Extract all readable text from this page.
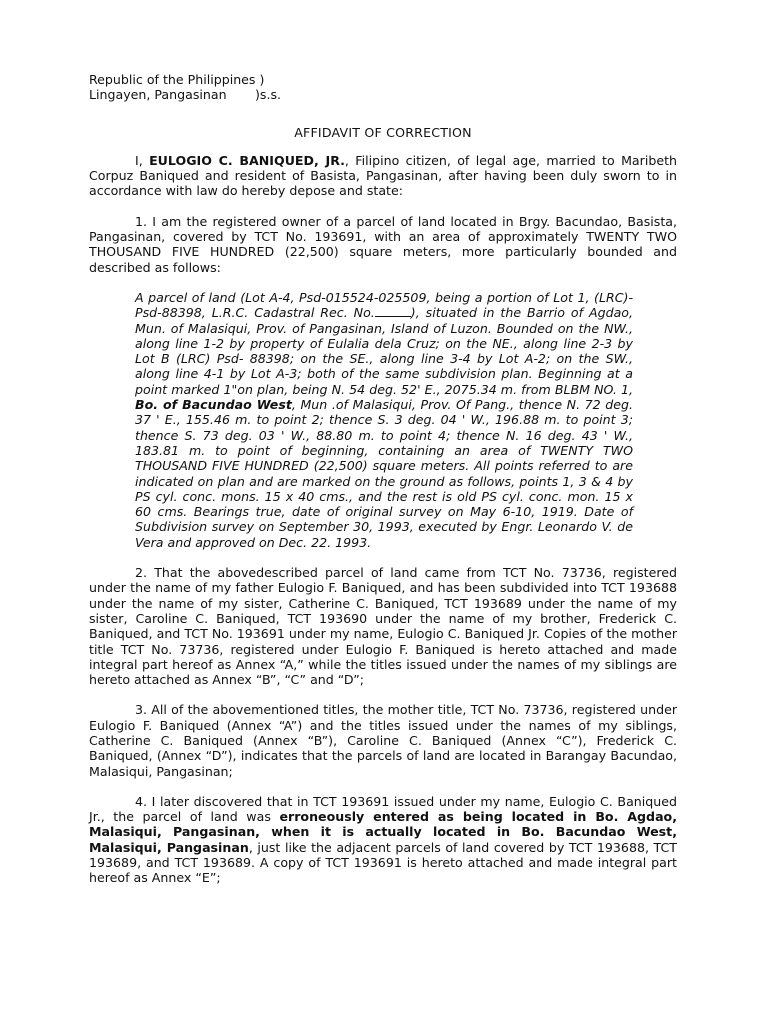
Republic of the Philippines )
Lingayen, Pangasinan )s.s.
AFFIDAVIT OF CORRECTION

I, EULOGIO C. BANIQUED, JR., Filipino citizen, of legal age, married to Maribeth Corpuz Baniqued and resident of Basista, Pangasinan, after having been duly sworn to in accordance with law do hereby depose and state:

1. I am the registered owner of a parcel of land located in Brgy. Bacundao, Basista, Pangasinan, covered by TCT No. 193691, with an area of approximately TWENTY TWO THOUSAND FIVE HUNDRED (22,500) square meters, more particularly bounded and described as follows:

A parcel of land (Lot A-4, Psd-015524-025509, being a portion of Lot 1, (LRC)-Psd-88398, L.R.C. Cadastral Rec. No.	), situated in the Barrio of Agdao, Mun. of Malasiqui, Prov. of Pangasinan, Island of Luzon. Bounded on the NW., along line 1-2 by property of Eulalia dela Cruz; on the NE., along line 2-3 by Lot B (LRC) Psd- 88398; on the SE., along line 3-4 by Lot A-2; on the SW., along line 4-1 by Lot A-3; both of the same subdivision plan. Beginning at a point marked 1"on plan, being N. 54 deg. 52' E., 2075.34 m. from BLBM NO. 1, Bo. of Bacundao West, Mun .of Malasiqui, Prov. Of Pang., thence N. 72 deg. 37 ' E., 155.46 m. to point 2; thence S. 3 deg. 04 ' W., 196.88 m. to point 3; thence S. 73 deg. 03 ' W., 88.80 m. to point 4; thence N. 16 deg. 43 ' W., 183.81 m. to point of beginning, containing an area of TWENTY TWO THOUSAND FIVE HUNDRED (22,500) square meters. All points referred to are indicated on plan and are marked on the ground as follows, points 1, 3 & 4 by PS cyl. conc. mons. 15 x 40 cms., and the rest is old PS cyl. conc. mon. 15 x 60 cms. Bearings true, date of original survey on May 6-10, 1919. Date of Subdivision survey on September 30, 1993, executed by Engr. Leonardo V. de Vera and approved on Dec. 22. 1993.

2. That the abovedescribed parcel of land came from TCT No. 73736, registered under the name of my father Eulogio F. Baniqued, and has been subdivided into TCT 193688 under the name of my sister, Catherine C. Baniqued, TCT 193689 under the name of my sister, Caroline C. Baniqued, TCT 193690 under the name of my brother, Frederick C. Baniqued, and TCT No. 193691 under my name, Eulogio C. Baniqued Jr. Copies of the mother title TCT No. 73736, registered under Eulogio F. Baniqued is hereto attached and made integral part hereof as Annex “A,” while the titles issued under the names of my siblings are hereto attached as Annex “B”, “C” and “D”;

3. All of the abovementioned titles, the mother title, TCT No. 73736, registered under Eulogio F. Baniqued (Annex “A”) and the titles issued under the names of my siblings, Catherine C. Baniqued (Annex “B”), Caroline C. Baniqued (Annex “C”), Frederick C. Baniqued, (Annex “D”), indicates that the parcels of land are located in Barangay Bacundao, Malasiqui, Pangasinan;

4. I later discovered that in TCT 193691 issued under my name, Eulogio C. Baniqued Jr., the parcel of land was erroneously entered as being located in Bo. Agdao, Malasiqui, Pangasinan, when it is actually located in Bo. Bacundao West, Malasiqui, Pangasinan, just like the adjacent parcels of land covered by TCT 193688, TCT 193689, and TCT 193689. A copy of TCT 193691 is hereto attached and made integral part hereof as Annex “E”;
